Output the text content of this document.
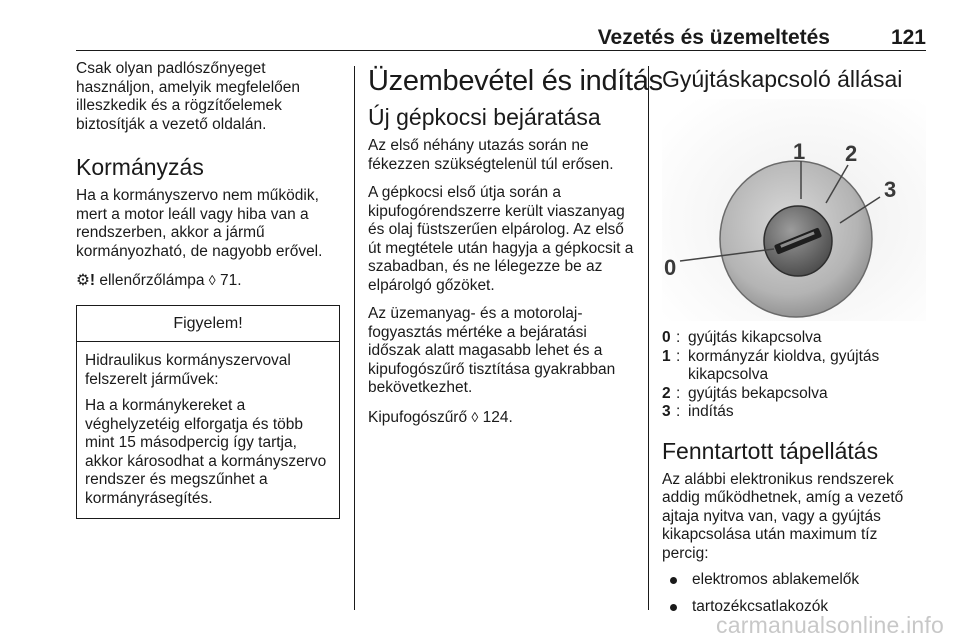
Vezetés és üzemeltetés	121

Csak olyan padlószőnyeget használjon, amelyik megfelelően illeszkedik és a rögzítőelemek biztosítják a vezető oldalán.

Kormányzás

Ha a kormányszervo nem működik, mert a motor leáll vagy hiba van a rendszerben, akkor a jármű kormányozható, de nagyobb erővel.

⚙! ellenőrzőlámpa ◊ 71.

Figyelem!

Hidraulikus kormányszervoval felszerelt járművek:

Ha a kormánykereket a véghelyzetéig elforgatja és több mint 15 másodpercig így tartja, akkor károsodhat a kormányszervo rendszer és megszűnhet a kormányrásegítés.

Üzembevétel és indítás
Új gépkocsi bejáratása

Az első néhány utazás során ne fékezzen szükségtelenül túl erősen.

A gépkocsi első útja során a kipufogórendszerre került viaszanyag és olaj füstszerűen elpárolog. Az első út megtétele után hagyja a gépkocsit a szabadban, és ne lélegezze be az elpárolgó gőzöket.

Az üzemanyag- és a motorolaj-fogyasztás mértéke a bejáratási időszak alatt magasabb lehet és a kipufogószűrő tisztítása gyakrabban bekövetkezhet.

Kipufogószűrő ◊ 124.

Gyújtáskapcsoló állásai
0
1 2
3
0 : gyújtás kikapcsolva
1 : kormányzár kioldva, gyújtás kikapcsolva
2 : gyújtás bekapcsolva
3 : indítás
Fenntartott tápellátás

Az alábbi elektronikus rendszerek addig működhetnek, amíg a vezető ajtaja nyitva van, vagy a gyújtás kikapcsolása után maximum tíz percig:

elektromos ablakemelők
tartozékcsatlakozók
carmanualsonline.info
